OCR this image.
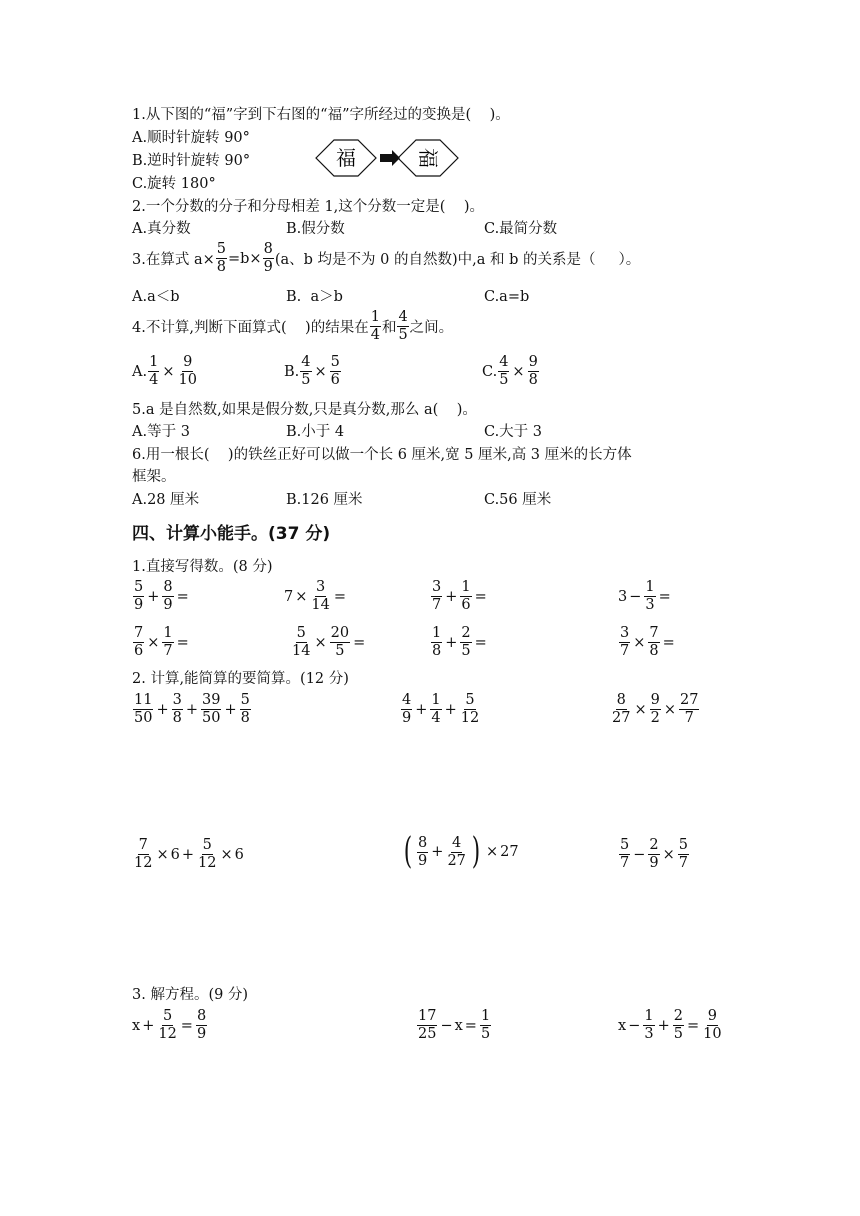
1.从下图的“福”字到下右图的“福”字所经过的变换是(    )。
A.顺时针旋转 90°
B.逆时针旋转 90°
C.旋转 180°
福	福
2.一个分数的分子和分母相差 1,这个分数一定是(    )。
A.真分数	B.假分数	C.最简分数
3.在算式 $a\times \frac{5}{8} =b\times \frac{8}{9} (a$、b 均是不为 0 的自然数)中,a 和 b 的关系是（     ）。
A.a＜b	B.  a＞b	C.a=b
4.不计算,判断下面算式(    )的结果在 $\frac{1}{4}$ 和 $\frac{4}{5}$ 之间。
A. $\frac{1}{4} \times \frac{9}{10}$	B. $\frac{4}{5} \times \frac{5}{6}$	C. $\frac{4}{5} \times \frac{9}{8}$
5.a 是自然数,如果是假分数,只是真分数,那么 a(    )。
A.等于 3	B.小于 4	C.大于 3
6.用一根长(    )的铁丝正好可以做一个长 6 厘米,宽 5 厘米,高 3 厘米的长方体
框架。
A.28 厘米	B.126 厘米	C.56 厘米
四、计算小能手。(37 分)
1.直接写得数。(8 分)
$\frac{5}{9} + \frac{8}{9}$ =	$7 \times \frac{3}{14}$ =	$\frac{3}{7} + \frac{1}{6}$ =	$3 - \frac{1}{3}$ =
$\frac{7}{6} \times \frac{1}{7}$ =	$\frac{5}{14} \times \frac{20}{5}$ =	$\frac{1}{8} + \frac{2}{5}$ =	$\frac{3}{7} \times \frac{7}{8}$ =
2. 计算,能简算的要简算。(12 分)
$\frac{11}{50} + \frac{3}{8} + \frac{39}{50} + \frac{5}{8}$	$\frac{4}{9} + \frac{1}{4} + \frac{5}{12}$	$\frac{8}{27} \times \frac{9}{2} \times \frac{27}{7}$
$\frac{7}{12} \times 6 + \frac{5}{12} \times 6$	( $\frac{8}{9} + \frac{4}{27}$ ) × 27	$\frac{5}{7} - \frac{2}{9} \times \frac{5}{7}$
3. 解方程。(9 分)
$x + \frac{5}{12} = \frac{8}{9}$	$\frac{17}{25} - x = \frac{1}{5}$	$x - \frac{1}{3} + \frac{2}{5} = \frac{9}{10}$
